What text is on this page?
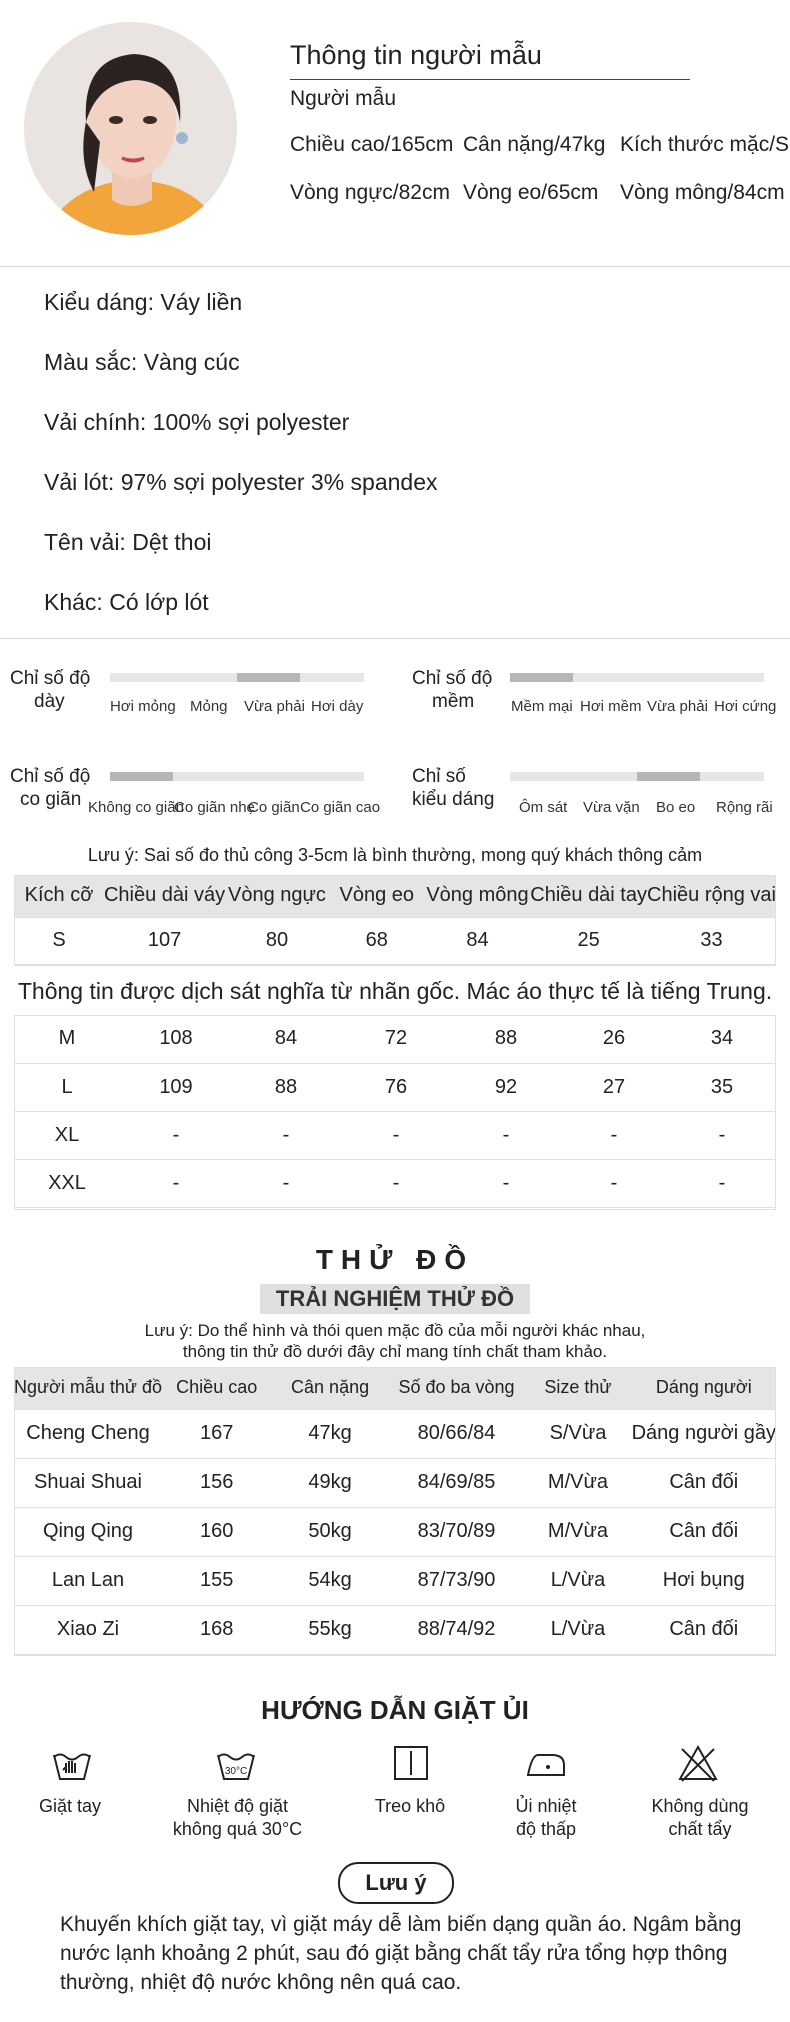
Thông tin người mẫu
Người mẫu
Chiều cao/165cm Cân nặng/47kg Kích thước mặc/S
Vòng ngực/82cm Vòng eo/65cm Vòng mông/84cm
Kiểu dáng: Váy liền
Màu sắc: Vàng cúc
Vải chính: 100% sợi polyester
Vải lót: 97% sợi polyester 3% spandex
Tên vải: Dệt thoi
Khác: Có lớp lót
Chỉ số độ
dày	Hơi mỏng Mỏng Vừa phải Hơi dày
Chỉ số độ
mềm	Mềm mại Hơi mềm Vừa phải Hơi cứng
Chỉ số độ
co giãn Không co giãn
Co giãn nhẹ
Co giãn Co giãn cao
Chỉ số
kiểu dáng Ôm sát Vừa vặn Bo eo Rộng rãi
Lưu ý: Sai số đo thủ công 3-5cm là bình thường, mong quý khách thông cảm
Kích cỡ	Chiều dài váy	Vòng ngực	Vòng eo	Vòng mông	Chiều dài tay	Chiều rộng vai
S	107	80	68	84	25	33
Thông tin được dịch sát nghĩa từ nhãn gốc. Mác áo thực tế là tiếng Trung.
M	108	84	72	88	26	34
L	109	88	76	92	27	35
XL	-	-	-	-	-	-
XXL	-	-	-	-	-	-
THỬ ĐỒ
TRẢI NGHIỆM THỬ ĐỒ
Lưu ý: Do thể hình và thói quen mặc đồ của mỗi người khác nhau,
thông tin thử đồ dưới đây chỉ mang tính chất tham khảo.
Người mẫu thử đồ	Chiều cao	Cân nặng	Số đo ba vòng	Size thử	Dáng người
Cheng Cheng	167	47kg	80/66/84	S/Vừa	Dáng người gầy
Shuai Shuai	156	49kg	84/69/85	M/Vừa	Cân đối
Qing Qing	160	50kg	83/70/89	M/Vừa	Cân đối
Lan Lan	155	54kg	87/73/90	L/Vừa	Hơi bụng
Xiao Zi	168	55kg	88/74/92	L/Vừa	Cân đối
HƯỚNG DẪN GIẶT ỦI
30°C
Giặt tay	Nhiệt độ giặt
không quá 30°C
Treo khô	Ủi nhiệt
độ thấp
Không dùng
chất tẩy
Lưu ý
Khuyến khích giặt tay, vì giặt máy dễ làm biến dạng quần áo. Ngâm bằng
nước lạnh khoảng 2 phút, sau đó giặt bằng chất tẩy rửa tổng hợp thông
thường, nhiệt độ nước không nên quá cao.
